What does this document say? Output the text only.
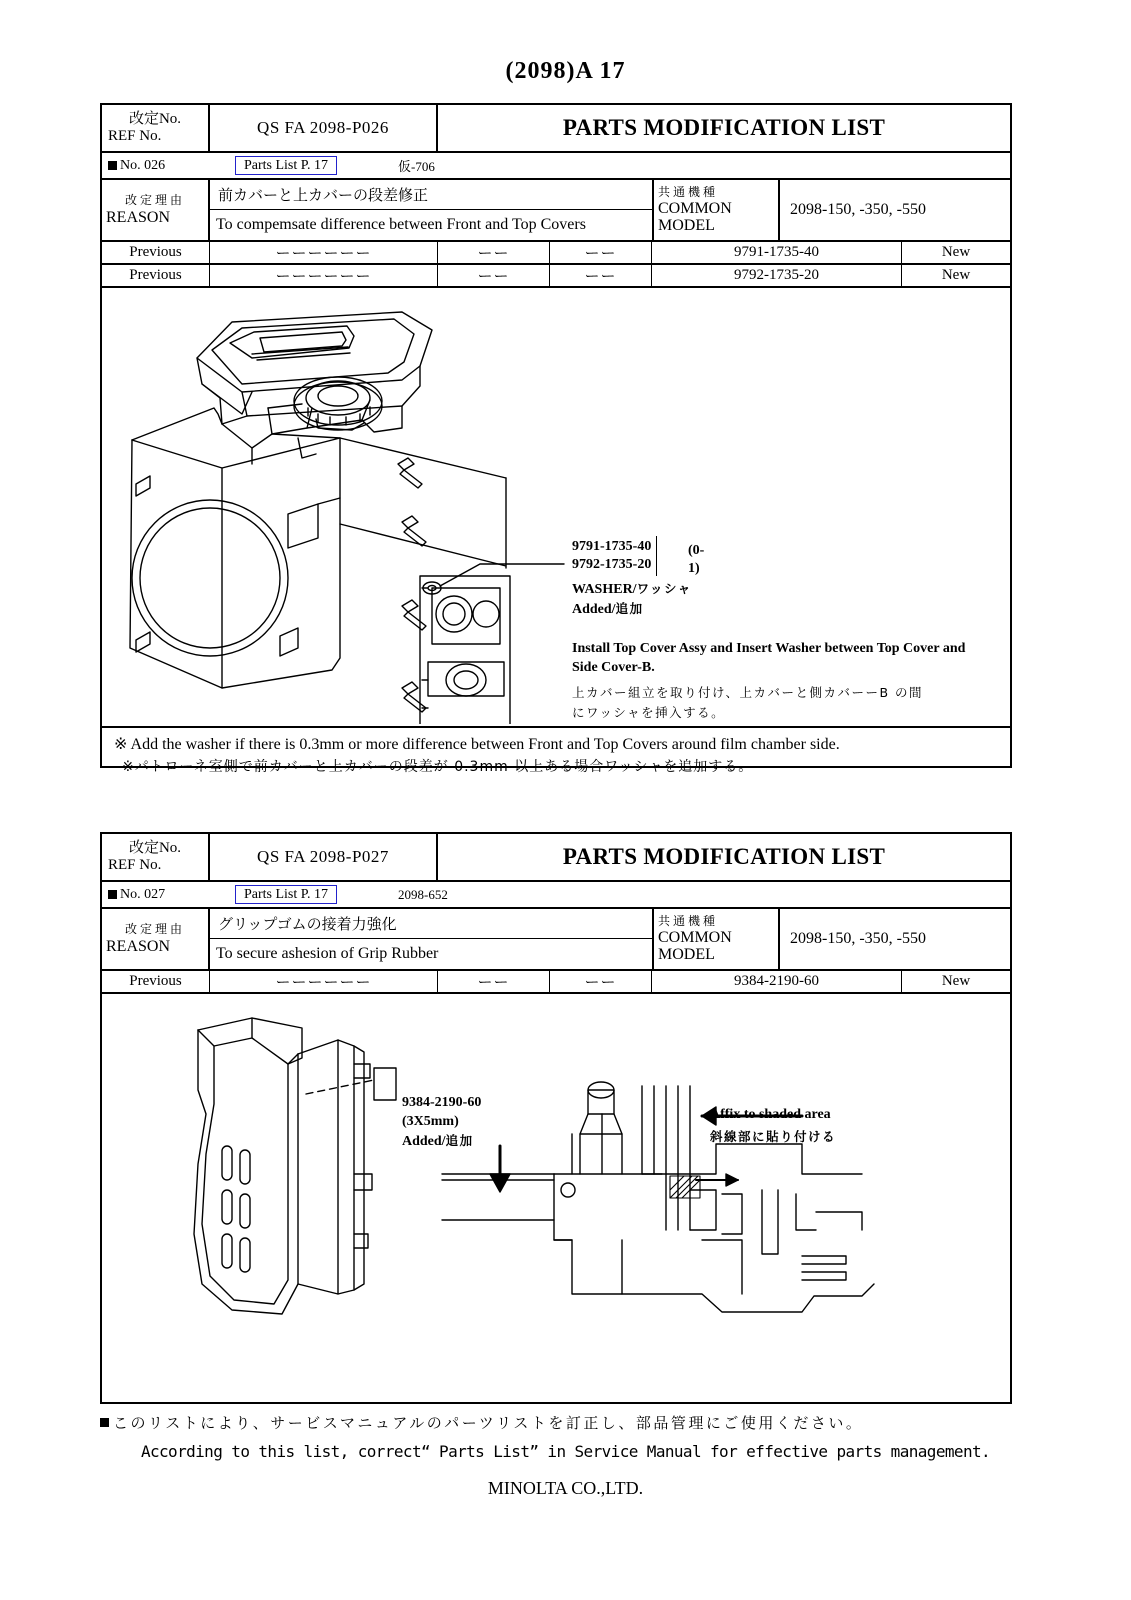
(2098)A 17
改定No.
REF No.	QS FA 2098-P026	PARTS MODIFICATION LIST
No. 026	Parts List P. 17	仮-706
改定理由
REASON
前カバーと上カバーの段差修正
To compemsate difference between Front and Top Covers
共通機種
COMMON MODEL
2098-150, -350, -550
Previous	ーーーーーー	ーー	ーー	9791-1735-40	New
Previous	ーーーーーー	ーー	ーー	9792-1735-20	New
9791-1735-40
9792-1735-20
(0-1)
WASHER/ワッシャ
Added/追加
Install Top Cover Assy and Insert Washer between Top Cover and Side Cover-B.
上カバー組立を取り付け、上カバーと側カバーーB の間
にワッシャを挿入する。
※ Add the washer if there is 0.3mm or more difference between Front and Top Covers around film chamber side.
※パトローネ室側で前カバーと上カバーの段差が 0.3mm 以上ある場合ワッシャを追加する。
改定No.
REF No.	QS FA 2098-P027	PARTS MODIFICATION LIST
No. 027	Parts List P. 17	2098-652
改定理由
REASON
グリップゴムの接着力強化
To secure ashesion of Grip Rubber
共通機種
COMMON MODEL
2098-150, -350, -550
Previous	ーーーーーー	ーー	ーー	9384-2190-60	New
9384-2190-60
(3X5mm)
Added/追加
Affix to shaded area
斜線部に貼り付ける
このリストにより、サービスマニュアルのパーツリストを訂正し、部品管理にご使用ください。
According to this list, correct“ Parts List” in Service Manual for effective parts management.
MINOLTA CO.,LTD.
